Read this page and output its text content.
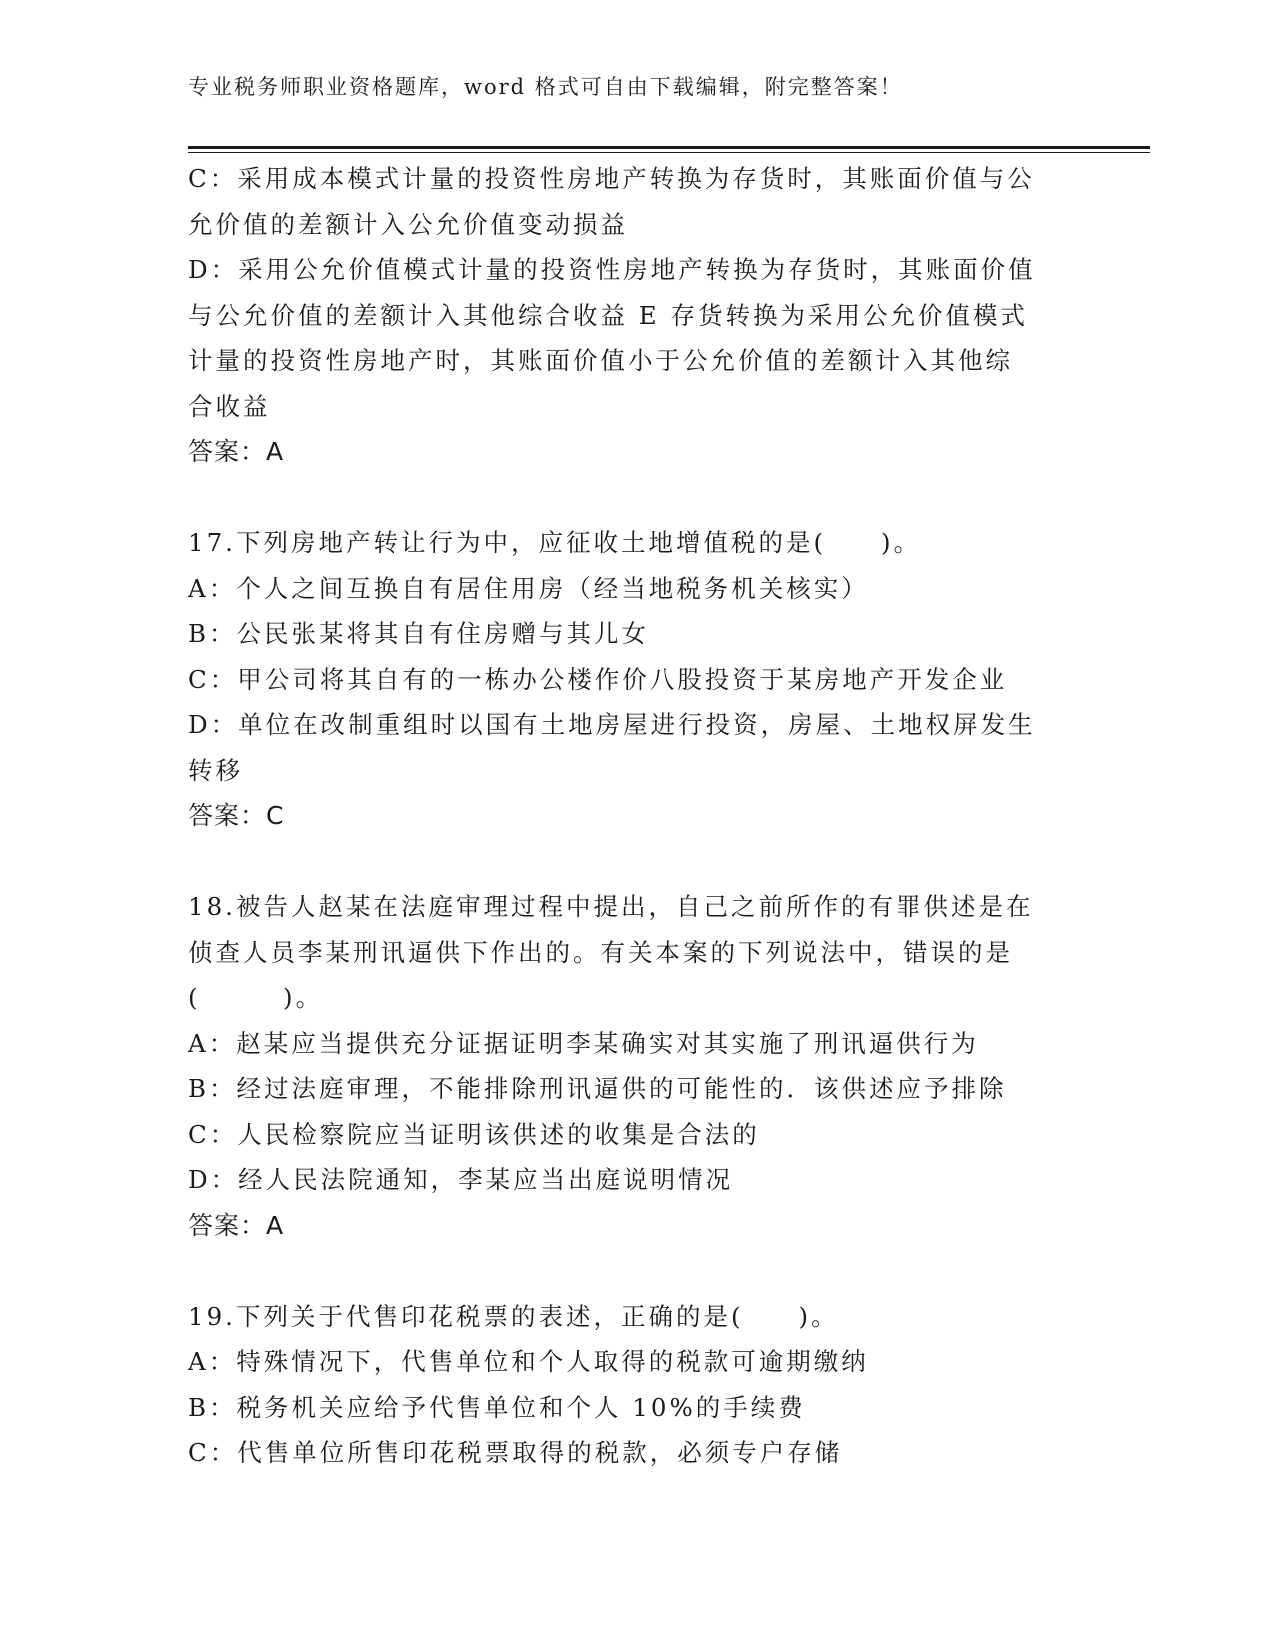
专业税务师职业资格题库，word 格式可自由下载编辑，附完整答案！
C：采用成本模式计量的投资性房地产转换为存货时，其账面价值与公
允价值的差额计入公允价值变动损益
D：采用公允价值模式计量的投资性房地产转换为存货时，其账面价值
与公允价值的差额计入其他综合收益 E 存货转换为采用公允价值模式
计量的投资性房地产时，其账面价值小于公允价值的差额计入其他综
合收益
答案：A
17.下列房地产转让行为中，应征收土地增值税的是(　　)。
A：个人之间互换自有居住用房（经当地税务机关核实）
B：公民张某将其自有住房赠与其儿女
C：甲公司将其自有的一栋办公楼作价八股投资于某房地产开发企业
D：单位在改制重组时以国有土地房屋进行投资，房屋、土地权屏发生
转移
答案：C
18.被告人赵某在法庭审理过程中提出，自己之前所作的有罪供述是在
侦查人员李某刑讯逼供下作出的。有关本案的下列说法中，错误的是
(　　　)。
A：赵某应当提供充分证据证明李某确实对其实施了刑讯逼供行为
B：经过法庭审理，不能排除刑讯逼供的可能性的．该供述应予排除
C：人民检察院应当证明该供述的收集是合法的
D：经人民法院通知，李某应当出庭说明情况
答案：A
19.下列关于代售印花税票的表述，正确的是(　　)。
A：特殊情况下，代售单位和个人取得的税款可逾期缴纳
B：税务机关应给予代售单位和个人 10%的手续费
C：代售单位所售印花税票取得的税款，必须专户存储
